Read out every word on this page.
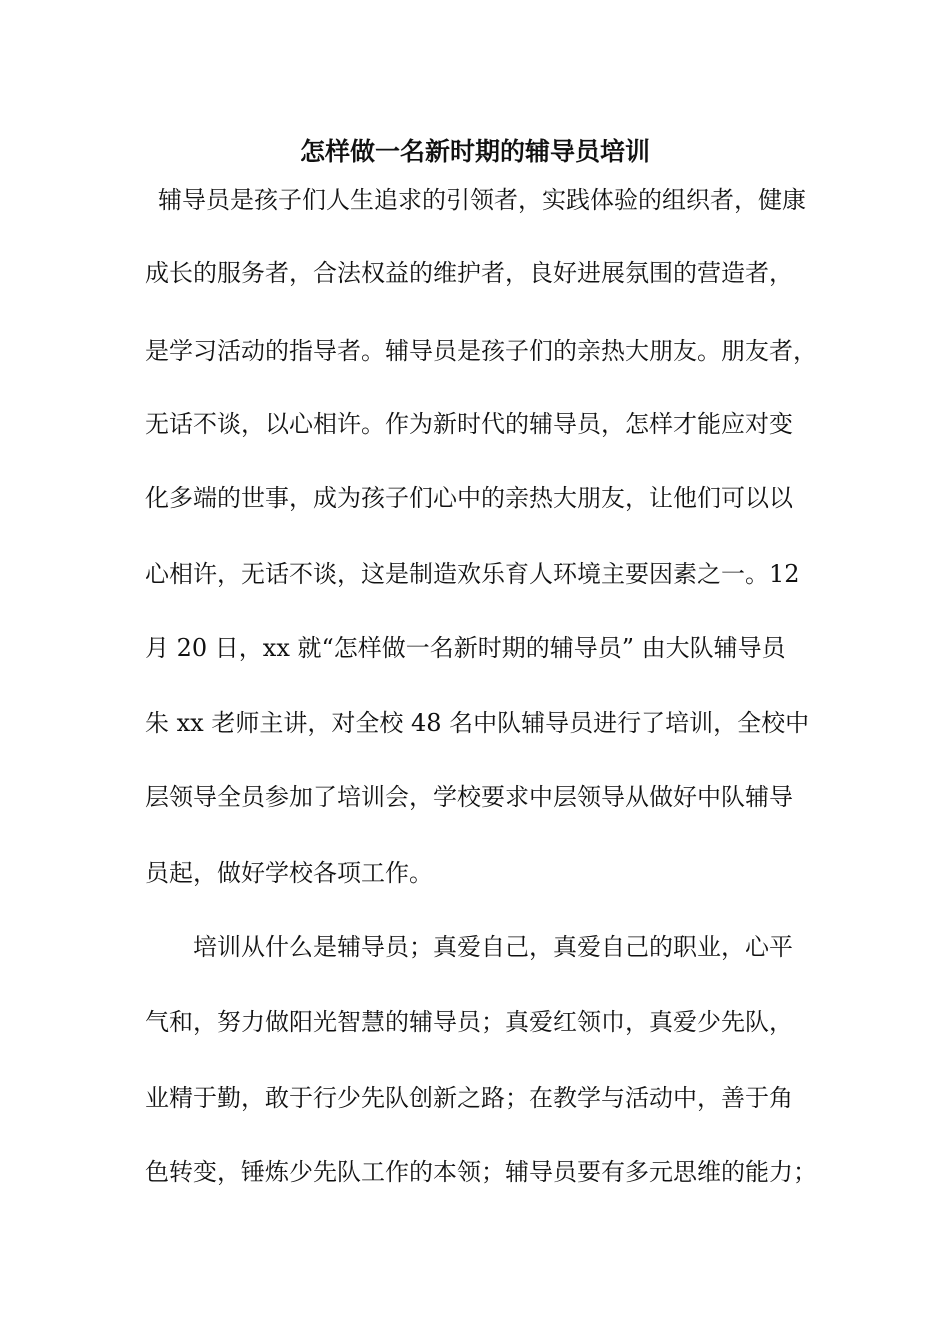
怎样做一名新时期的辅导员培训

辅导员是孩子们人生追求的引领者，实践体验的组织者，健康

成长的服务者，合法权益的维护者，良好进展氛围的营造者，

是学习活动的指导者。辅导员是孩子们的亲热大朋友。朋友者，

无话不谈，以心相许。作为新时代的辅导员，怎样才能应对变

化多端的世事，成为孩子们心中的亲热大朋友，让他们可以以

心相许，无话不谈，这是制造欢乐育人环境主要因素之一。12

月 20 日，xx 就“怎样做一名新时期的辅导员” 由大队辅导员

朱 xx 老师主讲，对全校 48 名中队辅导员进行了培训，全校中

层领导全员参加了培训会，学校要求中层领导从做好中队辅导

员起，做好学校各项工作。

培训从什么是辅导员；真爱自己，真爱自己的职业，心平

气和，努力做阳光智慧的辅导员；真爱红领巾，真爱少先队，

业精于勤，敢于行少先队创新之路；在教学与活动中，善于角

色转变，锤炼少先队工作的本领；辅导员要有多元思维的能力；
